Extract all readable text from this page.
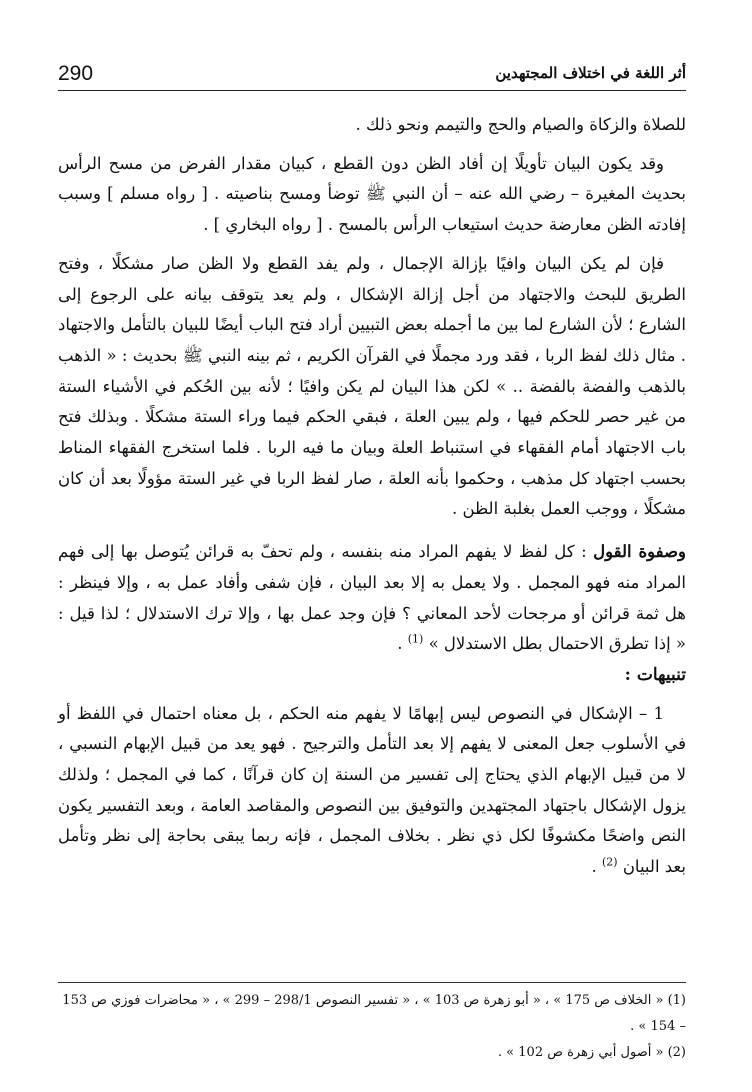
290	أثر اللغة في اختلاف المجتهدين

للصلاة والزكاة والصيام والحج والتيمم ونحو ذلك .

وقد يكون البيان تأويلًا إن أفاد الظن دون القطع ، كبيان مقدار الفرض من مسح الرأس بحديث المغيرة – رضي الله عنه – أن النبي ﷺ توضأ ومسح بناصيته . [ رواه مسلم ] وسبب إفادته الظن معارضة حديث استيعاب الرأس بالمسح . [ رواه البخاري ] .

فإن لم يكن البيان وافيًا بإزالة الإجمال ، ولم يفد القطع ولا الظن صار مشكلًا ، وفتح الطريق للبحث والاجتهاد من أجل إزالة الإشكال ، ولم يعد يتوقف بيانه على الرجوع إلى الشارع ؛ لأن الشارع لما بين ما أجمله بعض التبيين أراد فتح الباب أيضًا للبيان بالتأمل والاجتهاد . مثال ذلك لفظ الربا ، فقد ورد مجملًا في القرآن الكريم ، ثم بينه النبي ﷺ بحديث : « الذهب بالذهب والفضة بالفضة .. » لكن هذا البيان لم يكن وافيًا ؛ لأنه بين الحُكم في الأشياء الستة من غير حصر للحكم فيها ، ولم يبين العلة ، فبقي الحكم فيما وراء الستة مشكلًا . وبذلك فتح باب الاجتهاد أمام الفقهاء في استنباط العلة وبيان ما فيه الربا . فلما استخرج الفقهاء المناط بحسب اجتهاد كل مذهب ، وحكموا بأنه العلة ، صار لفظ الربا في غير الستة مؤولًا بعد أن كان مشكلًا ، ووجب العمل بغلبة الظن .

وصفوة القول : كل لفظ لا يفهم المراد منه بنفسه ، ولم تحفّ به قرائن يُتوصل بها إلى فهم المراد منه فهو المجمل . ولا يعمل به إلا بعد البيان ، فإن شفى وأفاد عمل به ، وإلا فينظر : هل ثمة قرائن أو مرجحات لأحد المعاني ؟ فإن وجد عمل بها ، وإلا ترك الاستدلال ؛ لذا قيل : « إذا تطرق الاحتمال بطل الاستدلال » $^{(1)}$ .

تنبيهات :

1 – الإشكال في النصوص ليس إبهامًا لا يفهم منه الحكم ، بل معناه احتمال في اللفظ أو في الأسلوب جعل المعنى لا يفهم إلا بعد التأمل والترجيح . فهو يعد من قبيل الإبهام النسبي ، لا من قبيل الإبهام الذي يحتاج إلى تفسير من السنة إن كان قرآنًا ، كما في المجمل ؛ ولذلك يزول الإشكال باجتهاد المجتهدين والتوفيق بين النصوص والمقاصد العامة ، وبعد التفسير يكون النص واضحًا مكشوفًا لكل ذي نظر . بخلاف المجمل ، فإنه ربما يبقى بحاجة إلى نظر وتأمل بعد البيان $^{(2)}$ .

(1) « الخلاف ص 175 » ، « أبو زهرة ص 103 » ، « تفسير النصوص 298/1 – 299 » ، « محاضرات فوزي ص 153 – 154 » .

(2) « أصول أبي زهرة ص 102 » .
